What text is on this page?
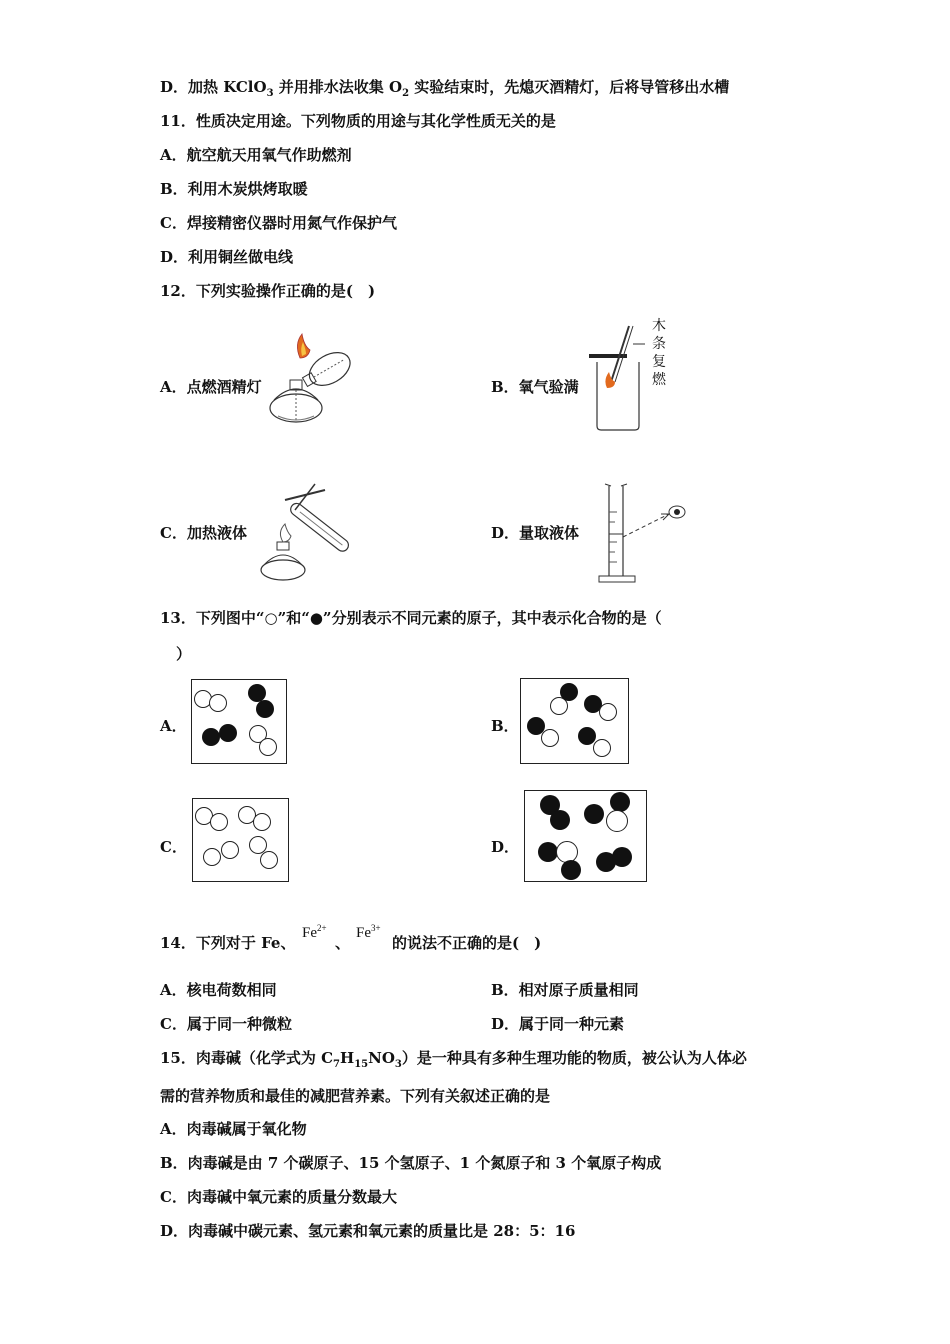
D．加热 KClO$_3$ 并用排水法收集 $O_2$ 实验结束时，先熄灭酒精灯，后将导管移出水槽
11．性质决定用途。下列物质的用途与其化学性质无关的是
A．航空航天用氧气作助燃剂
B．利用木炭烘烤取暖
C．焊接精密仪器时用氮气作保护气
D．利用铜丝做电线
12．下列实验操作正确的是(　)
A．点燃酒精灯	B．氧气验满
C．加热液体	D．量取液体
木
条
复
燃
13．下列图中“○”和“●”分别表示不同元素的原子，其中表示化合物的是（
）
A．	B．
C．	D．
14．下列对于 Fe、
$Fe^{2+}$
、
$Fe^{3+}$
的说法不正确的是(　)
A．核电荷数相同	B．相对原子质量相同
C．属于同一种微粒	D．属于同一种元素
15．肉毒碱（化学式为 $C_7H_{15}NO_3$）是一种具有多种生理功能的物质，被公认为人体必
需的营养物质和最佳的减肥营养素。下列有关叙述正确的是
A．肉毒碱属于氧化物
B．肉毒碱是由 7 个碳原子、15 个氢原子、1 个氮原子和 3 个氧原子构成
C．肉毒碱中氧元素的质量分数最大
D．肉毒碱中碳元素、氢元素和氧元素的质量比是 28：5：16
